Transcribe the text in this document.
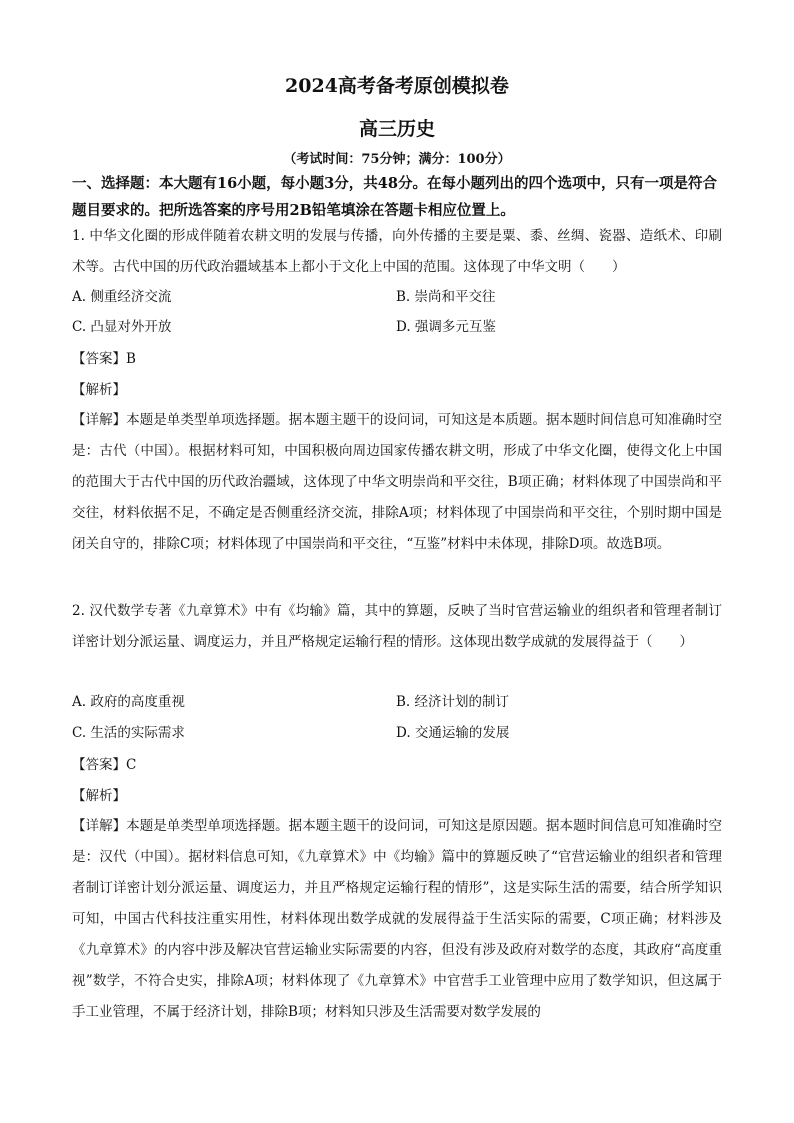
2024高考备考原创模拟卷
高三历史
（考试时间：75分钟；满分：100分）
一、选择题：本大题有16小题，每小题3分，共48分。在每小题列出的四个选项中，只有一项是符合题目要求的。把所选答案的序号用2B铅笔填涂在答题卡相应位置上。
1. 中华文化圈的形成伴随着农耕文明的发展与传播，向外传播的主要是粟、黍、丝绸、瓷器、造纸术、印刷术等。古代中国的历代政治疆域基本上都小于文化上中国的范围。这体现了中华文明（　　）
A. 侧重经济交流	B. 崇尚和平交往
C. 凸显对外开放	D. 强调多元互鉴
【答案】B
【解析】
【详解】本题是单类型单项选择题。据本题主题干的设问词，可知这是本质题。据本题时间信息可知准确时空是：古代（中国）。根据材料可知，中国积极向周边国家传播农耕文明，形成了中华文化圈，使得文化上中国的范围大于古代中国的历代政治疆域，这体现了中华文明崇尚和平交往，B项正确；材料体现了中国崇尚和平交往，材料依据不足，不确定是否侧重经济交流，排除A项；材料体现了中国崇尚和平交往，个别时期中国是闭关自守的，排除C项；材料体现了中国崇尚和平交往，“互鉴”材料中未体现，排除D项。故选B项。
2. 汉代数学专著《九章算术》中有《均输》篇，其中的算题，反映了当时官营运输业的组织者和管理者制订详密计划分派运量、调度运力，并且严格规定运输行程的情形。这体现出数学成就的发展得益于（　　）
A. 政府的高度重视	B. 经济计划的制订
C. 生活的实际需求	D. 交通运输的发展
【答案】C
【解析】
【详解】本题是单类型单项选择题。据本题主题干的设问词，可知这是原因题。据本题时间信息可知准确时空是：汉代（中国）。据材料信息可知，《九章算术》中《均输》篇中的算题反映了“官营运输业的组织者和管理者制订详密计划分派运量、调度运力，并且严格规定运输行程的情形”，这是实际生活的需要，结合所学知识可知，中国古代科技注重实用性，材料体现出数学成就的发展得益于生活实际的需要，C项正确；材料涉及《九章算术》的内容中涉及解决官营运输业实际需要的内容，但没有涉及政府对数学的态度，其政府“高度重视”数学，不符合史实，排除A项；材料体现了《九章算术》中官营手工业管理中应用了数学知识，但这属于手工业管理，不属于经济计划，排除B项；材料知只涉及生活需要对数学发展的
